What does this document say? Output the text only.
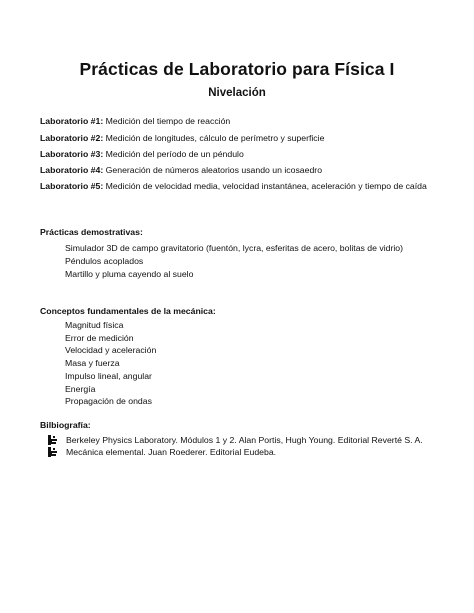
Prácticas de Laboratorio para Física I
Nivelación
Laboratorio #1: Medición del tiempo de reacción
Laboratorio #2: Medición de longitudes, cálculo de perímetro y superficie
Laboratorio #3: Medición del período de un péndulo
Laboratorio #4: Generación de números aleatorios usando un icosaedro
Laboratorio #5: Medición de velocidad media, velocidad instantánea, aceleración y tiempo de caída
Prácticas demostrativas:
Simulador 3D de campo gravitatorio (fuentón, lycra, esferitas de acero, bolitas de vidrio)
Péndulos acoplados
Martillo y pluma cayendo al suelo
Conceptos fundamentales de la mecánica:
Magnitud física
Error de medición
Velocidad y aceleración
Masa y fuerza
Impulso lineal, angular
Energía
Propagación de ondas
Bilbiografía:
Berkeley Physics Laboratory. Módulos 1 y 2. Alan Portis, Hugh Young. Editorial Reverté S. A.
Mecánica elemental. Juan Roederer. Editorial Eudeba.
